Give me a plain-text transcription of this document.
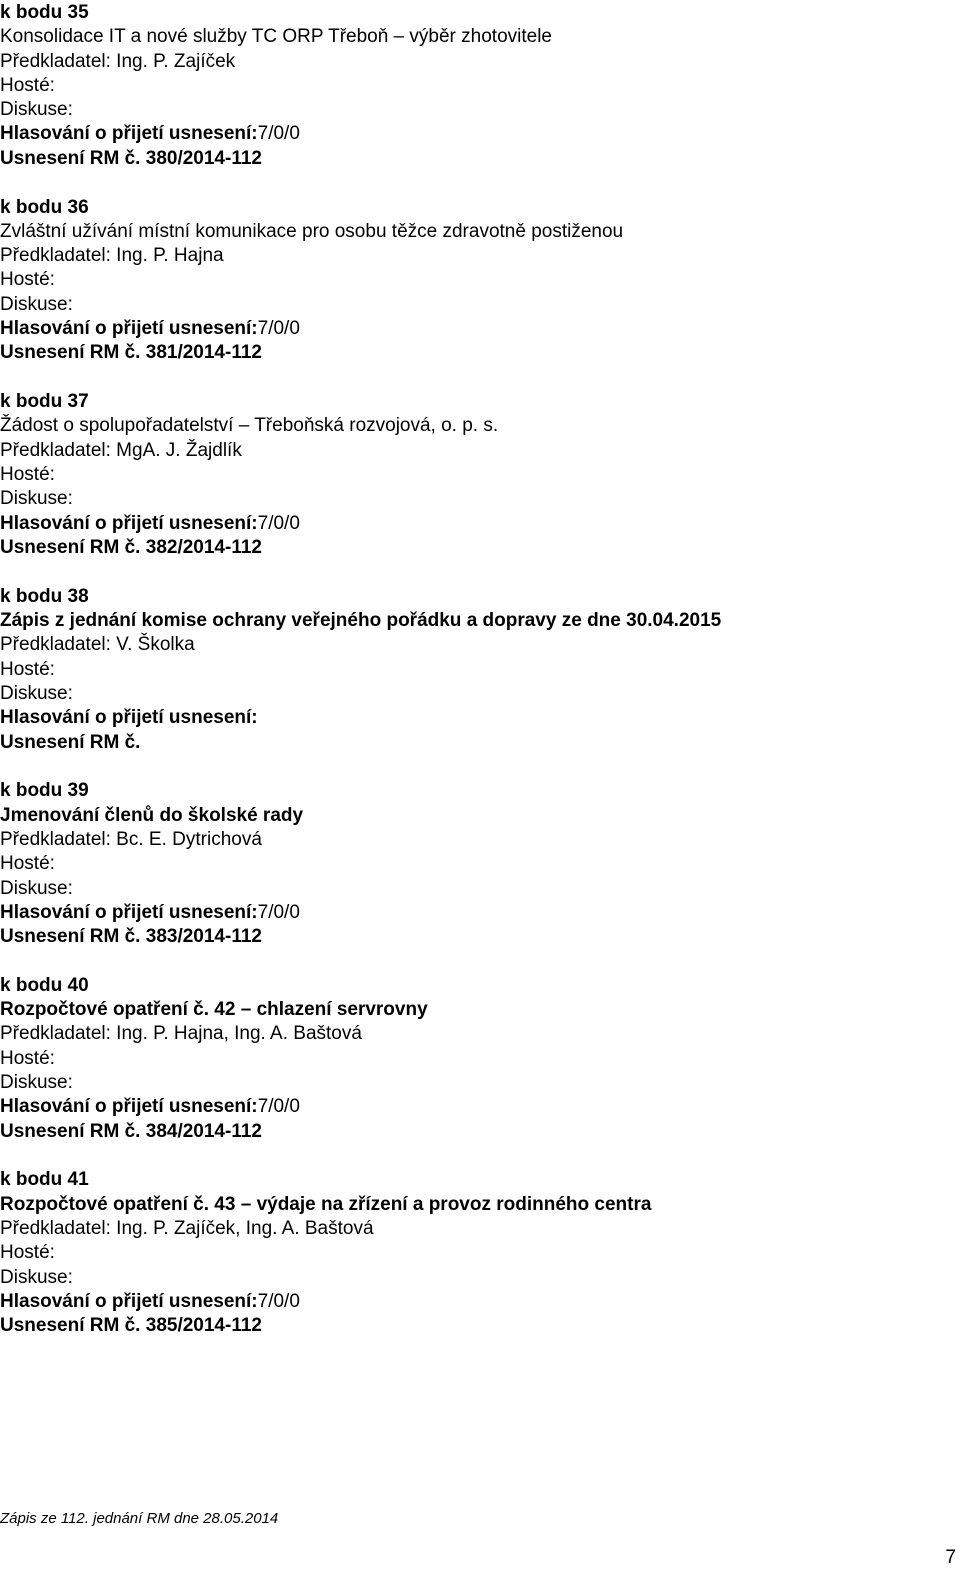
k bodu 35
Konsolidace IT a nové služby TC ORP Třeboň – výběr zhotovitele
Předkladatel: Ing. P. Zajíček
Hosté:
Diskuse:
Hlasování o přijetí usnesení:7/0/0
Usnesení RM č. 380/2014-112
k bodu 36
Zvláštní užívání místní komunikace pro osobu těžce zdravotně postiženou
Předkladatel: Ing. P. Hajna
Hosté:
Diskuse:
Hlasování o přijetí usnesení:7/0/0
Usnesení RM č. 381/2014-112
k bodu 37
Žádost o spolupořadatelství – Třeboňská rozvojová, o. p. s.
Předkladatel: MgA. J. Žajdlík
Hosté:
Diskuse:
Hlasování o přijetí usnesení:7/0/0
Usnesení RM č. 382/2014-112
k bodu 38
Zápis z jednání komise ochrany veřejného pořádku a dopravy ze dne 30.04.2015
Předkladatel: V. Školka
Hosté:
Diskuse:
Hlasování o přijetí usnesení:
Usnesení RM č.
k bodu 39
Jmenování členů do školské rady
Předkladatel: Bc. E. Dytrichová
Hosté:
Diskuse:
Hlasování o přijetí usnesení:7/0/0
Usnesení RM č. 383/2014-112
k bodu 40
Rozpočtové opatření č. 42 – chlazení servrovny
Předkladatel: Ing. P. Hajna, Ing. A. Baštová
Hosté:
Diskuse:
Hlasování o přijetí usnesení:7/0/0
Usnesení RM č. 384/2014-112
k bodu 41
Rozpočtové opatření č. 43 – výdaje na zřízení a provoz rodinného centra
Předkladatel: Ing. P. Zajíček, Ing. A. Baštová
Hosté:
Diskuse:
Hlasování o přijetí usnesení:7/0/0
Usnesení RM č. 385/2014-112
Zápis ze 112. jednání RM dne 28.05.2014
7
